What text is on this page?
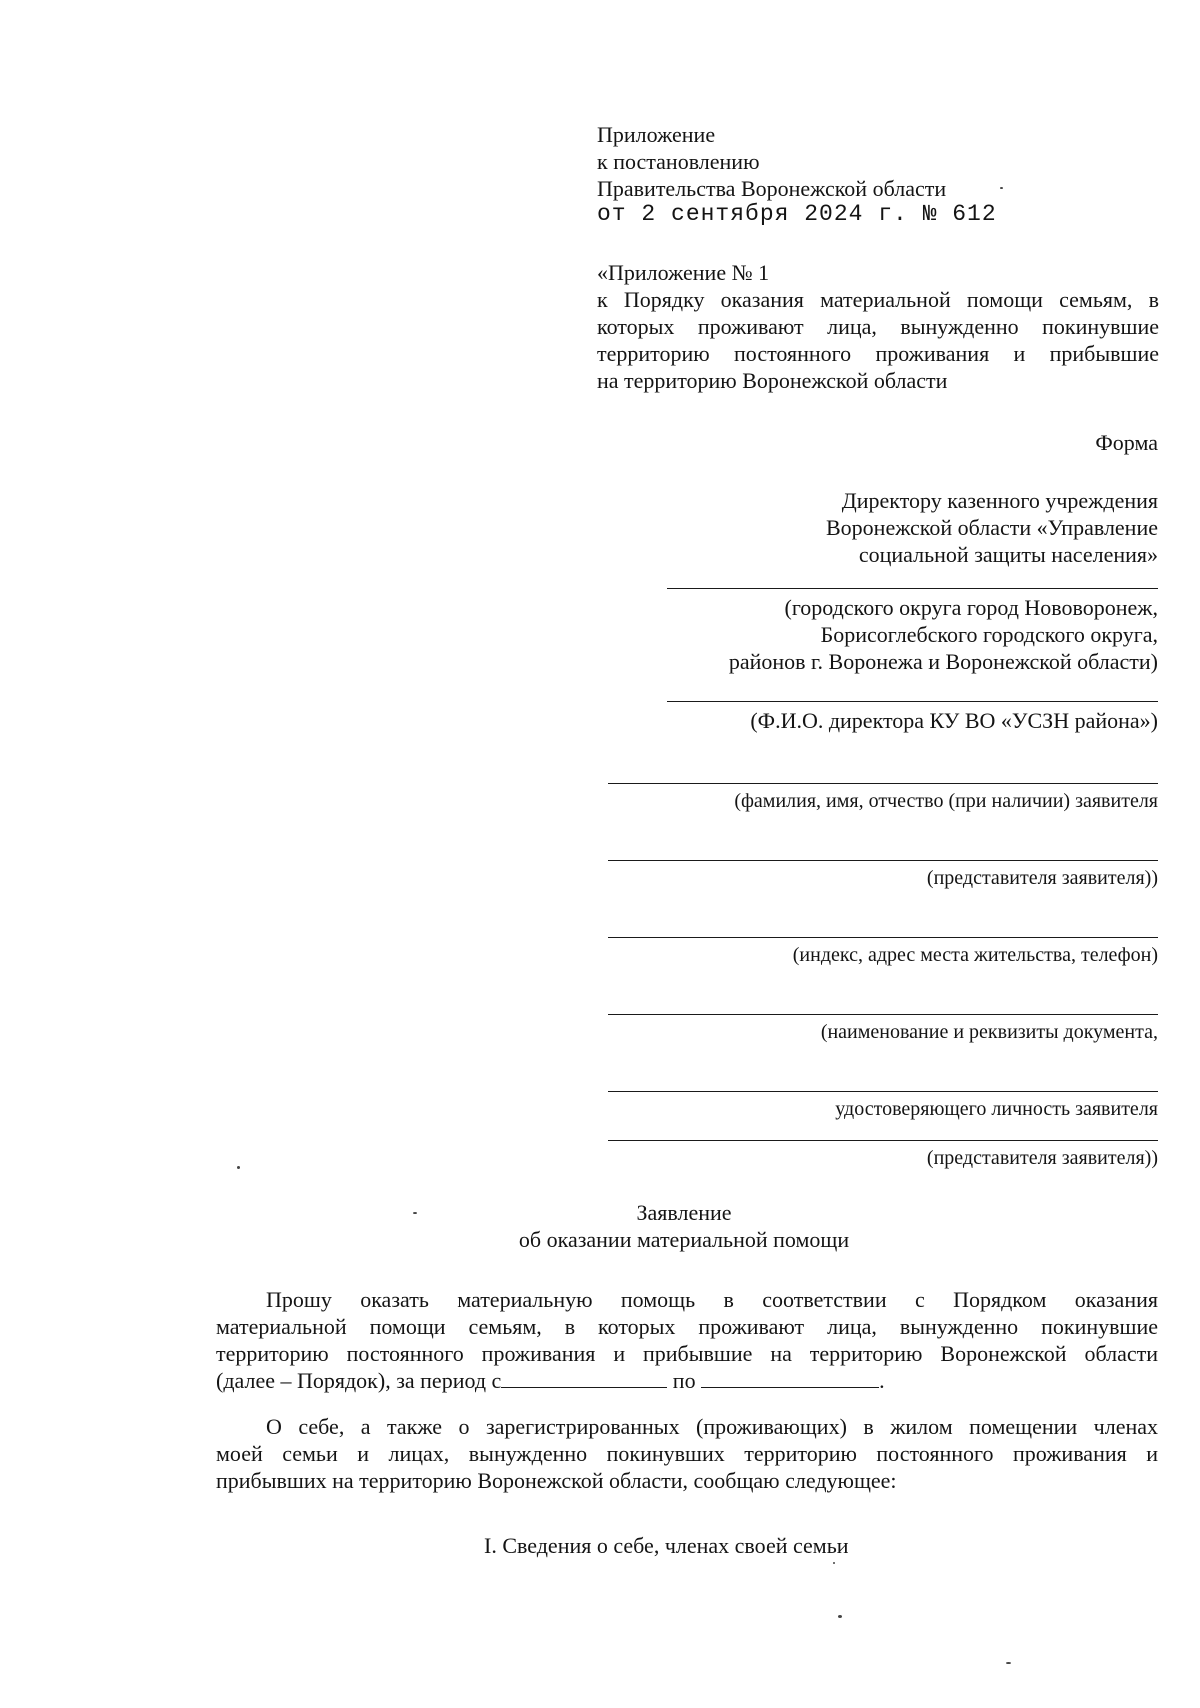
Приложение
к постановлению
Правительства Воронежской области
от 2 сентября 2024 г. № 612
«Приложение № 1
к Порядку оказания материальной помощи семьям, в
которых проживают лица, вынужденно покинувшие
территорию постоянного проживания и прибывшие
на территорию Воронежской области
Форма
Директору казенного учреждения
Воронежской области «Управление
социальной защиты населения»
(городского округа город Нововоронеж,
Борисоглебского городского округа,
районов г. Воронежа и Воронежской области)
(Ф.И.О. директора КУ ВО «УСЗН района»)
(фамилия, имя, отчество (при наличии) заявителя
(представителя заявителя))
(индекс, адрес места жительства, телефон)
(наименование и реквизиты документа,
удостоверяющего личность заявителя
(представителя заявителя))
Заявление
об оказании материальной помощи
Прошу оказать материальную помощь в соответствии с Порядком оказания
материальной помощи семьям, в которых проживают лица, вынужденно покинувшие
территорию постоянного проживания и прибывшие на территорию Воронежской области
(далее – Порядок), за период с	по	.
О себе, а также о зарегистрированных (проживающих) в жилом помещении членах
моей семьи и лицах, вынужденно покинувших территорию постоянного проживания и
прибывших на территорию Воронежской области, сообщаю следующее:
I. Сведения о себе, членах своей семьи
